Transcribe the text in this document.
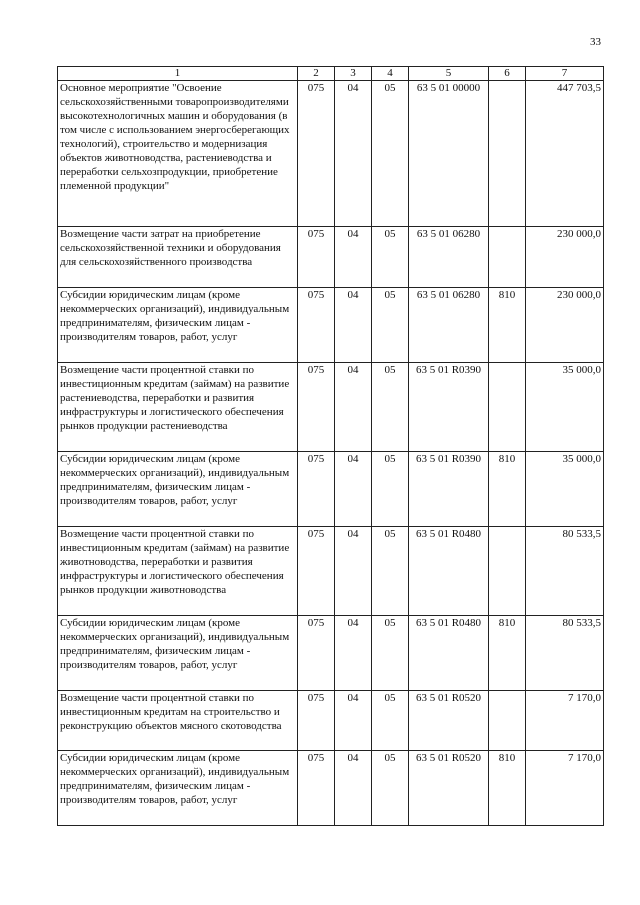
33
1	2	3	4	5	6	7
Основное мероприятие "Освоение сельскохозяйственными товаропроизводителями высокотехнологичных машин и оборудования (в том числе с использованием энергосберегающих технологий), строительство и модернизация объектов животноводства, растениеводства и переработки сельхозпродукции, приобретение племенной продукции"	075	04	05	63 5 01 00000		447 703,5
Возмещение части затрат на приобретение сельскохозяйственной техники и оборудования для сельскохозяйственного производства	075	04	05	63 5 01 06280		230 000,0
Субсидии юридическим лицам (кроме некоммерческих организаций), индивидуальным предпринимателям, физическим лицам - производителям товаров, работ, услуг	075	04	05	63 5 01 06280	810	230 000,0
Возмещение части процентной ставки по инвестиционным кредитам (займам) на развитие растениеводства, переработки и развития инфраструктуры и логистического обеспечения рынков продукции растениеводства	075	04	05	63 5 01 R0390		35 000,0
Субсидии юридическим лицам (кроме некоммерческих организаций), индивидуальным предпринимателям, физическим лицам - производителям товаров, работ, услуг	075	04	05	63 5 01 R0390	810	35 000,0
Возмещение части процентной ставки по инвестиционным кредитам (займам) на развитие животноводства, переработки и развития инфраструктуры и логистического обеспечения рынков продукции животноводства	075	04	05	63 5 01 R0480		80 533,5
Субсидии юридическим лицам (кроме некоммерческих организаций), индивидуальным предпринимателям, физическим лицам - производителям товаров, работ, услуг	075	04	05	63 5 01 R0480	810	80 533,5
Возмещение части процентной ставки по инвестиционным кредитам на строительство и реконструкцию объектов мясного скотоводства	075	04	05	63 5 01 R0520		7 170,0
Субсидии юридическим лицам (кроме некоммерческих организаций), индивидуальным предпринимателям, физическим лицам - производителям товаров, работ, услуг	075	04	05	63 5 01 R0520	810	7 170,0
